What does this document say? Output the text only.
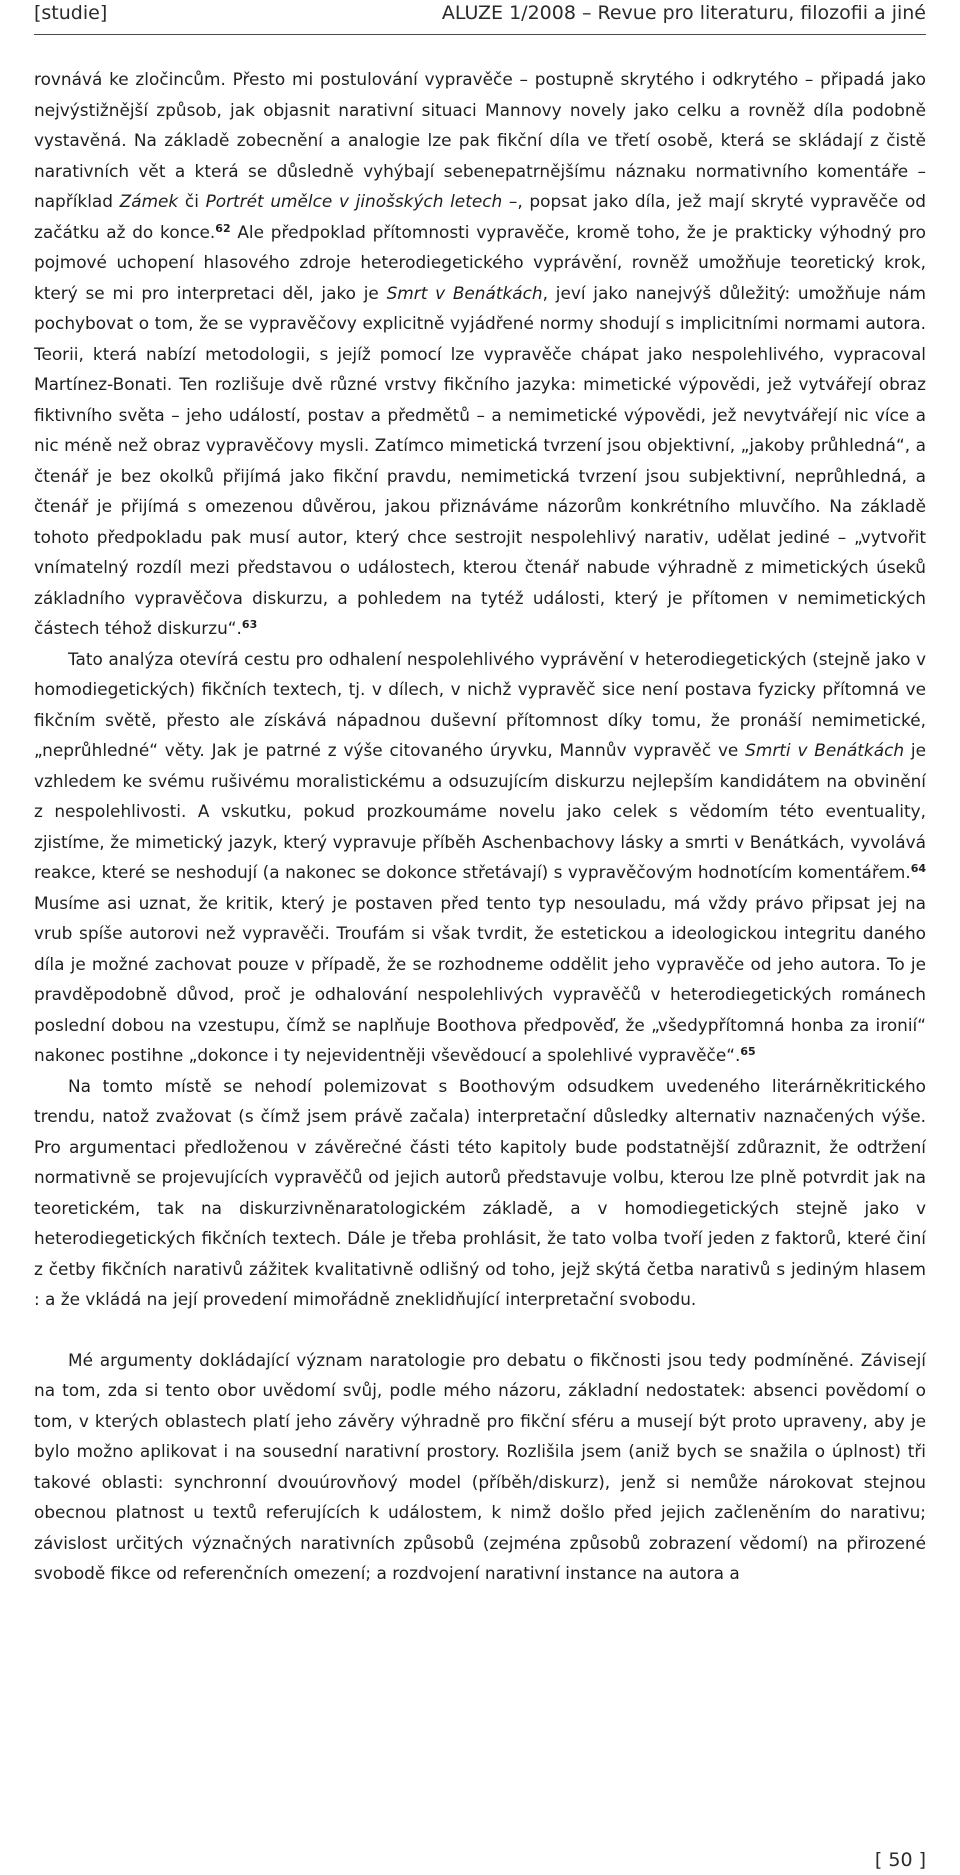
[studie]	ALUZE 1/2008 – Revue pro literaturu, filozofii a jiné

rovnává ke zločincům. Přesto mi postulování vypravěče – postupně skrytého i odkrytého – připadá jako nejvýstižnější způsob, jak objasnit narativní situaci Mannovy novely jako celku a rovněž díla podobně vystavěná. Na základě zobecnění a analogie lze pak fikční díla ve třetí osobě, která se skládají z čistě narativních vět a která se důsledně vyhýbají sebenepatrnějšímu náznaku normativního komentáře – například Zámek či Portrét umělce v jinošských letech –, popsat jako díla, jež mají skryté vypravěče od začátku až do konce.$^{62}$ Ale předpoklad přítomnosti vypravěče, kromě toho, že je prakticky výhodný pro pojmové uchopení hlasového zdroje heterodiegetického vyprávění, rovněž umožňuje teoretický krok, který se mi pro interpretaci děl, jako je Smrt v Benátkách, jeví jako nanejvýš důležitý: umožňuje nám pochybovat o tom, že se vypravěčovy explicitně vyjádřené normy shodují s implicitními normami autora. Teorii, která nabízí metodologii, s jejíž pomocí lze vypravěče chápat jako nespolehlivého, vypracoval Martínez-Bonati. Ten rozlišuje dvě různé vrstvy fikčního jazyka: mimetické výpovědi, jež vytvářejí obraz fiktivního světa – jeho událostí, postav a předmětů – a nemimetické výpovědi, jež nevytvářejí nic více a nic méně než obraz vypravěčovy mysli. Zatímco mimetická tvrzení jsou objektivní, „jakoby průhledná“, a čtenář je bez okolků přijímá jako fikční pravdu, nemimetická tvrzení jsou subjektivní, neprůhledná, a čtenář je přijímá s omezenou důvěrou, jakou přiznáváme názorům konkrétního mluvčího. Na základě tohoto předpokladu pak musí autor, který chce sestrojit nespolehlivý narativ, udělat jediné – „vytvořit vnímatelný rozdíl mezi představou o událostech, kterou čtenář nabude výhradně z mimetických úseků základního vypravěčova diskurzu, a pohledem na tytéž události, který je přítomen v nemimetických částech téhož diskurzu“.$^{63}$

Tato analýza otevírá cestu pro odhalení nespolehlivého vyprávění v heterodiegetických (stejně jako v homodiegetických) fikčních textech, tj. v dílech, v nichž vypravěč sice není postava fyzicky přítomná ve fikčním světě, přesto ale získává nápadnou duševní přítomnost díky tomu, že pronáší nemimetické, „neprůhledné“ věty. Jak je patrné z výše citovaného úryvku, Mannův vypravěč ve Smrti v Benátkách je vzhledem ke svému rušivému moralistickému a odsuzujícím diskurzu nejlepším kandidátem na obvinění z nespolehlivosti. A vskutku, pokud prozkoumáme novelu jako celek s vědomím této eventuality, zjistíme, že mimetický jazyk, který vypravuje příběh Aschenbachovy lásky a smrti v Benátkách, vyvolává reakce, které se neshodují (a nakonec se dokonce střetávají) s vypravěčovým hodnotícím komentářem.$^{64}$ Musíme asi uznat, že kritik, který je postaven před tento typ nesouladu, má vždy právo připsat jej na vrub spíše autorovi než vypravěči. Troufám si však tvrdit, že estetickou a ideologickou integritu daného díla je možné zachovat pouze v případě, že se rozhodneme oddělit jeho vypravěče od jeho autora. To je pravděpodobně důvod, proč je odhalování nespolehlivých vypravěčů v heterodiegetických románech poslední dobou na vzestupu, čímž se naplňuje Boothova předpověď, že „všedypřítomná honba za ironií“ nakonec postihne „dokonce i ty nejevidentněji vševědoucí a spolehlivé vypravěče“.$^{65}$

Na tomto místě se nehodí polemizovat s Boothovým odsudkem uvedeného literárněkritického trendu, natož zvažovat (s čímž jsem právě začala) interpretační důsledky alternativ naznačených výše. Pro argumentaci předloženou v závěrečné části této kapitoly bude podstatnější zdůraznit, že odtržení normativně se projevujících vypravěčů od jejich autorů představuje volbu, kterou lze plně potvrdit jak na teoretickém, tak na diskurzivněnaratologickém základě, a v homodiegetických stejně jako v heterodiegetických fikčních textech. Dále je třeba prohlásit, že tato volba tvoří jeden z faktorů, které činí z četby fikčních narativů zážitek kvalitativně odlišný od toho, jejž skýtá četba narativů s jediným hlasem : a že vkládá na její provedení mimořádně zneklidňující interpretační svobodu.

Mé argumenty dokládající význam naratologie pro debatu o fikčnosti jsou tedy podmíněné. Závisejí na tom, zda si tento obor uvědomí svůj, podle mého názoru, základní nedostatek: absenci povědomí o tom, v kterých oblastech platí jeho závěry výhradně pro fikční sféru a musejí být proto upraveny, aby je bylo možno aplikovat i na sousední narativní prostory. Rozlišila jsem (aniž bych se snažila o úplnost) tři takové oblasti: synchronní dvouúrovňový model (příběh/diskurz), jenž si nemůže nárokovat stejnou obecnou platnost u textů referujících k událostem, k nimž došlo před jejich začleněním do narativu; závislost určitých význačných narativních způsobů (zejména způsobů zobrazení vědomí) na přirozené svobodě fikce od referenčních omezení; a rozdvojení narativní instance na autora a

[ 50 ]
